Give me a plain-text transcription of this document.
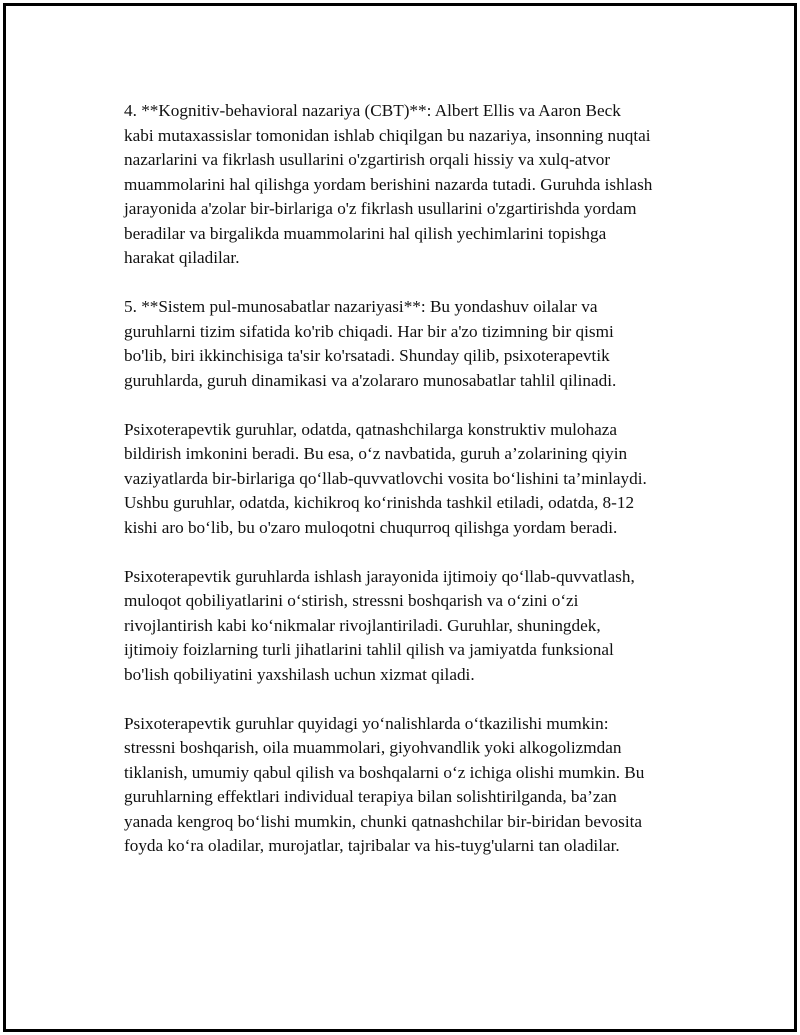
4. **Kognitiv-behavioral nazariya (CBT)**: Albert Ellis va Aaron Beck
kabi mutaxassislar tomonidan ishlab chiqilgan bu nazariya, insonning nuqtai
nazarlarini va fikrlash usullarini o'zgartirish orqali hissiy va xulq-atvor
muammolarini hal qilishga yordam berishini nazarda tutadi. Guruhda ishlash
jarayonida a'zolar bir-birlariga o'z fikrlash usullarini o'zgartirishda yordam
beradilar va birgalikda muammolarini hal qilish yechimlarini topishga
harakat qiladilar.

5. **Sistem pul-munosabatlar nazariyasi**: Bu yondashuv oilalar va
guruhlarni tizim sifatida ko'rib chiqadi. Har bir a'zo tizimning bir qismi
bo'lib, biri ikkinchisiga ta'sir ko'rsatadi. Shunday qilib, psixoterapevtik
guruhlarda, guruh dinamikasi va a'zolararo munosabatlar tahlil qilinadi.

Psixoterapevtik guruhlar, odatda, qatnashchilarga konstruktiv mulohaza
bildirish imkonini beradi. Bu esa, o‘z navbatida, guruh a’zolarining qiyin
vaziyatlarda bir-birlariga qo‘llab-quvvatlovchi vosita bo‘lishini ta’minlaydi.
Ushbu guruhlar, odatda, kichikroq ko‘rinishda tashkil etiladi, odatda, 8-12
kishi aro bo‘lib, bu o'zaro muloqotni chuqurroq qilishga yordam beradi.

Psixoterapevtik guruhlarda ishlash jarayonida ijtimoiy qo‘llab-quvvatlash,
muloqot qobiliyatlarini o‘stirish, stressni boshqarish va o‘zini o‘zi
rivojlantirish kabi ko‘nikmalar rivojlantiriladi. Guruhlar, shuningdek,
ijtimoiy foizlarning turli jihatlarini tahlil qilish va jamiyatda funksional
bo'lish qobiliyatini yaxshilash uchun xizmat qiladi.

Psixoterapevtik guruhlar quyidagi yo‘nalishlarda o‘tkazilishi mumkin:
stressni boshqarish, oila muammolari, giyohvandlik yoki alkogolizmdan
tiklanish, umumiy qabul qilish va boshqalarni o‘z ichiga olishi mumkin. Bu
guruhlarning effektlari individual terapiya bilan solishtirilganda, ba’zan
yanada kengroq bo‘lishi mumkin, chunki qatnashchilar bir-biridan bevosita
foyda ko‘ra oladilar, murojatlar, tajribalar va his-tuyg'ularni tan oladilar.
